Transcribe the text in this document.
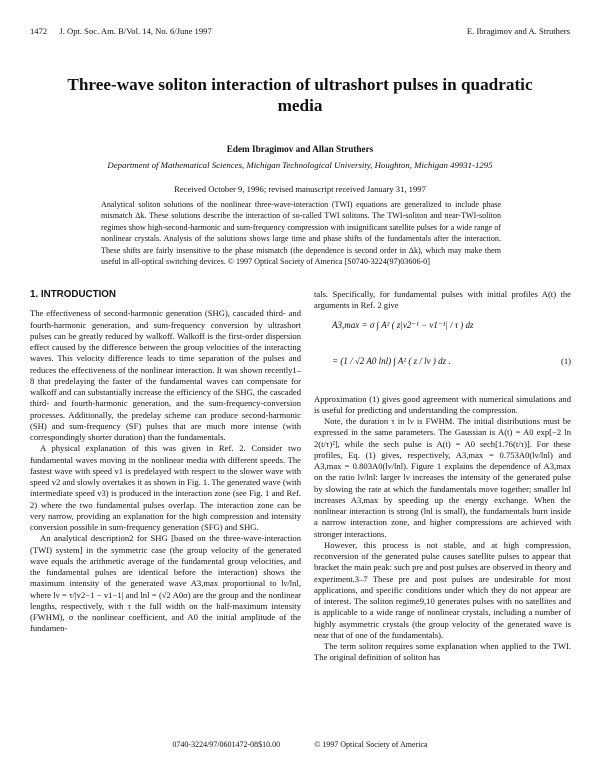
1472 J. Opt. Soc. Am. B/Vol. 14, No. 6/June 1997	E. Ibragimov and A. Struthers
Three-wave soliton interaction of ultrashort pulses in quadratic media
Edem Ibragimov and Allan Struthers
Department of Mathematical Sciences, Michigan Technological University, Houghton, Michigan 49931-1295
Received October 9, 1996; revised manuscript received January 31, 1997

Analytical soliton solutions of the nonlinear three-wave-interaction (TWI) equations are generalized to include phase mismatch Δk. These solutions describe the interaction of so-called TWI solitons. The TWI-soliton and near-TWI-soliton regimes show high-second-harmonic and sum-frequency compression with insignificant satellite pulses for a wide range of nonlinear crystals. Analysis of the solutions shows large time and phase shifts of the fundamentals after the interaction. These shifts are fairly insensitive to the phase mismatch (the dependence is second order in Δk), which may make them useful in all-optical switching devices. © 1997 Optical Society of America [S0740-3224(97)03606-0]

1. INTRODUCTION

The effectiveness of second-harmonic generation (SHG), cascaded third- and fourth-harmonic generation, and sum-frequency conversion by ultrashort pulses can be greatly reduced by walkoff. Walkoff is the first-order dispersion effect caused by the difference between the group velocities of the interacting waves. This velocity difference leads to time separation of the pulses and reduces the effectiveness of the nonlinear interaction. It was shown recently1–8 that predelaying the faster of the fundamental waves can compensate for walkoff and can substantially increase the efficiency of the SHG, the cascaded third- and fourth-harmonic generation, and the sum-frequency-conversion processes. Additionally, the predelay scheme can produce second-harmonic (SH) and sum-frequency (SF) pulses that are much more intense (with correspondingly shorter duration) than the fundamentals.

A physical explanation of this was given in Ref. 2. Consider two fundamental waves moving in the nonlinear media with different speeds. The fastest wave with speed v1 is predelayed with respect to the slower wave with speed v2 and slowly overtakes it as shown in Fig. 1. The generated wave (with intermediate speed v3) is produced in the interaction zone (see Fig. 1 and Ref. 2) where the two fundamental pulses overlap. The interaction zone can be very narrow, providing an explanation for the high compression and intensity conversion possible in sum-frequency generation (SFG) and SHG.

An analytical description2 for SHG [based on the three-wave-interaction (TWI) system] in the symmetric case (the group velocity of the generated wave equals the arithmetic average of the fundamental group velocities, and the fundamental pulses are identical before the interaction) shows the maximum intensity of the generated wave A3,max proportional to lν/lnl, where lν = τ/|v2−1 − v1−1| and lnl = (√2 A0σ) are the group and the nonlinear lengths, respectively, with τ the full width on the half-maximum intensity (FWHM), σ the nonlinear coefficient, and A0 the initial amplitude of the fundamen-

tals. Specifically, for fundamental pulses with initial profiles A(t) the arguments in Ref. 2 give

A3,max = σ ∫ A² ( z|v2⁻¹ − v1⁻¹| / τ ) dz
= (1 / √2 A0 lnl) ∫ A² ( z / lν ) dz .	(1)

Approximation (1) gives good agreement with numerical simulations and is useful for predicting and understanding the compression.

Note, the duration τ in lν is FWHM. The initial distributions must be expressed in the same parameters. The Gaussian is A(t) = A0 exp[−2 ln 2(t/τ)²], while the sech pulse is A(t) = A0 sech[1.76(t/τ)]. For these profiles, Eq. (1) gives, respectively, A3,max = 0.753A0(lν/lnl) and A3,max = 0.803A0(lν/lnl). Figure 1 explains the dependence of A3,max on the ratio lν/lnl: larger lν increases the intensity of the generated pulse by slowing the rate at which the fundamentals move together; smaller lnl increases A3,max by speeding up the energy exchange. When the nonlinear interaction is strong (lnl is small), the fundamentals burn inside a narrow interaction zone, and higher compressions are achieved with stronger interactions.

However, this process is not stable, and at high compression, reconversion of the generated pulse causes satellite pulses to appear that bracket the main peak: such pre and post pulses are observed in theory and experiment.3–7 These pre and post pulses are undesirable for most applications, and specific conditions under which they do not appear are of interest. The soliton regime9,10 generates pulses with no satellites and is applicable to a wide range of nonlinear crystals, including a number of highly asymmetric crystals (the group velocity of the generated wave is near that of one of the fundamentals).

The term soliton requires some explanation when applied to the TWI. The original definition of soliton has

0740-3224/97/0601472-08$10.00	© 1997 Optical Society of America
